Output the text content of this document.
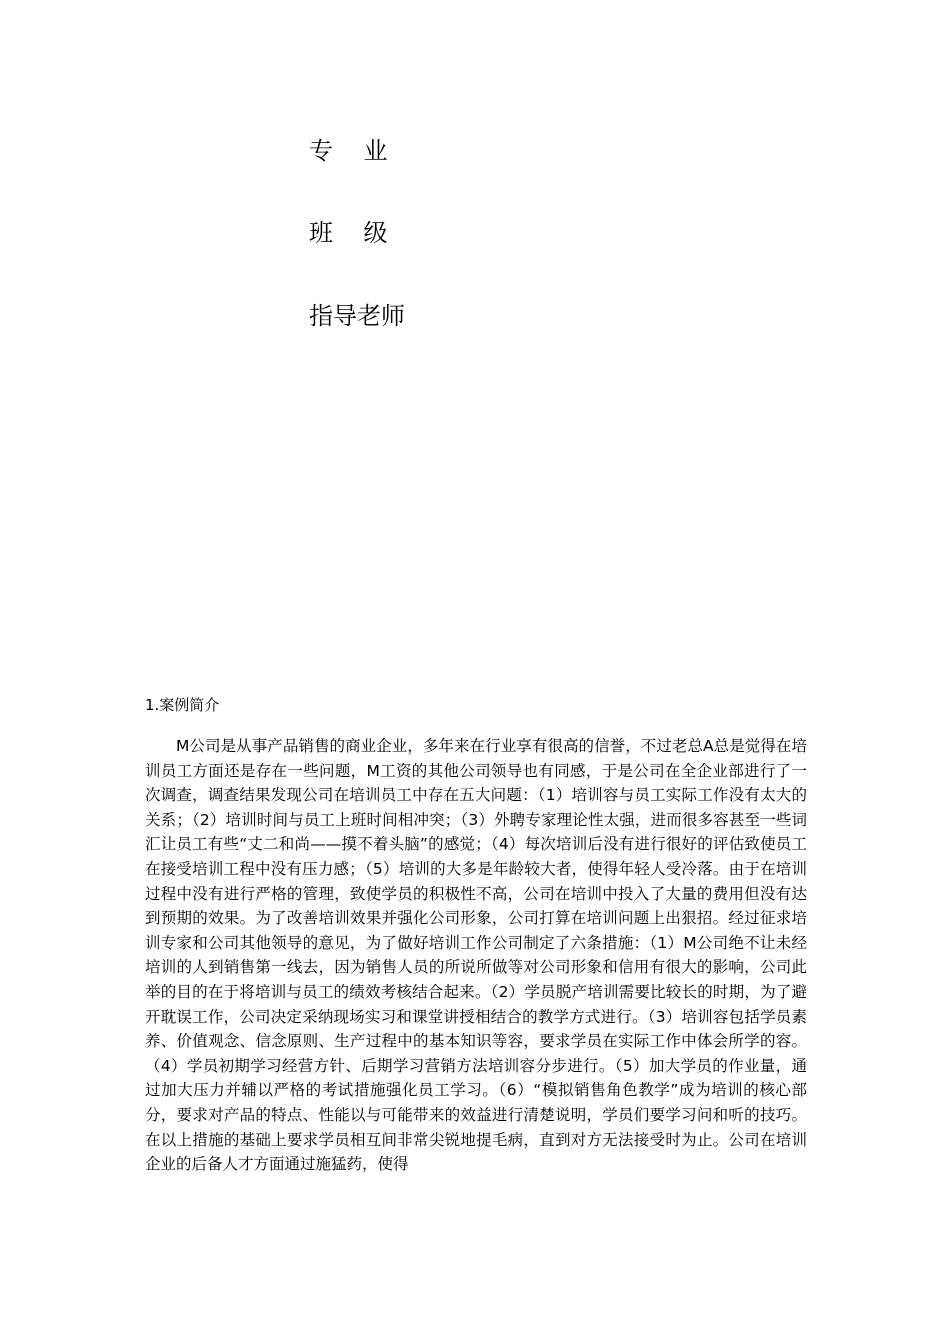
专    业
班    级
指导老师
1.案例简介

M公司是从事产品销售的商业企业，多年来在行业享有很高的信誉，不过老总A总是觉得在培训员工方面还是存在一些问题，M工资的其他公司领导也有同感，于是公司在全企业部进行了一次调查，调查结果发现公司在培训员工中存在五大问题：（1）培训容与员工实际工作没有太大的关系；（2）培训时间与员工上班时间相冲突；（3）外聘专家理论性太强，进而很多容甚至一些词汇让员工有些“丈二和尚——摸不着头脑”的感觉；（4）每次培训后没有进行很好的评估致使员工在接受培训工程中没有压力感；（5）培训的大多是年龄较大者，使得年轻人受冷落。由于在培训过程中没有进行严格的管理，致使学员的积极性不高，公司在培训中投入了大量的费用但没有达到预期的效果。为了改善培训效果并强化公司形象，公司打算在培训问题上出狠招。经过征求培训专家和公司其他领导的意见，为了做好培训工作公司制定了六条措施：（1）M公司绝不让未经培训的人到销售第一线去，因为销售人员的所说所做等对公司形象和信用有很大的影响，公司此举的目的在于将培训与员工的绩效考核结合起来。（2）学员脱产培训需要比较长的时期，为了避开耽误工作，公司决定采纳现场实习和课堂讲授相结合的教学方式进行。（3）培训容包括学员素养、价值观念、信念原则、生产过程中的基本知识等容，要求学员在实际工作中体会所学的容。（4）学员初期学习经营方针、后期学习营销方法培训容分步进行。（5）加大学员的作业量，通过加大压力并辅以严格的考试措施强化员工学习。（6）“模拟销售角色教学”成为培训的核心部分，要求对产品的特点、性能以与可能带来的效益进行清楚说明，学员们要学习问和听的技巧。在以上措施的基础上要求学员相互间非常尖锐地提毛病，直到对方无法接受时为止。公司在培训企业的后备人才方面通过施猛药，使得
